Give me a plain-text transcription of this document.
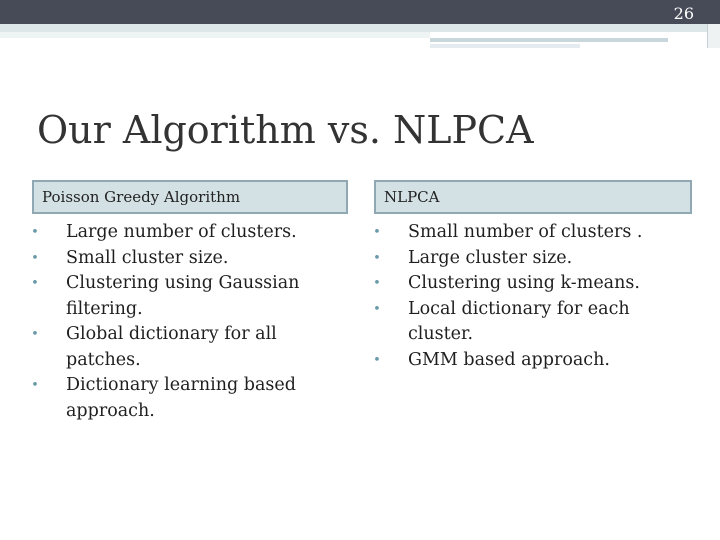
26
Our Algorithm vs. NLPCA
Poisson Greedy Algorithm	NLPCA
• Large number of clusters.
• Small cluster size.
• Clustering using Gaussian filtering.
• Global dictionary for all patches.
• Dictionary learning based approach.
• Small number of clusters .
• Large cluster size.
• Clustering using k-means.
• Local dictionary for each cluster.
• GMM based approach.
